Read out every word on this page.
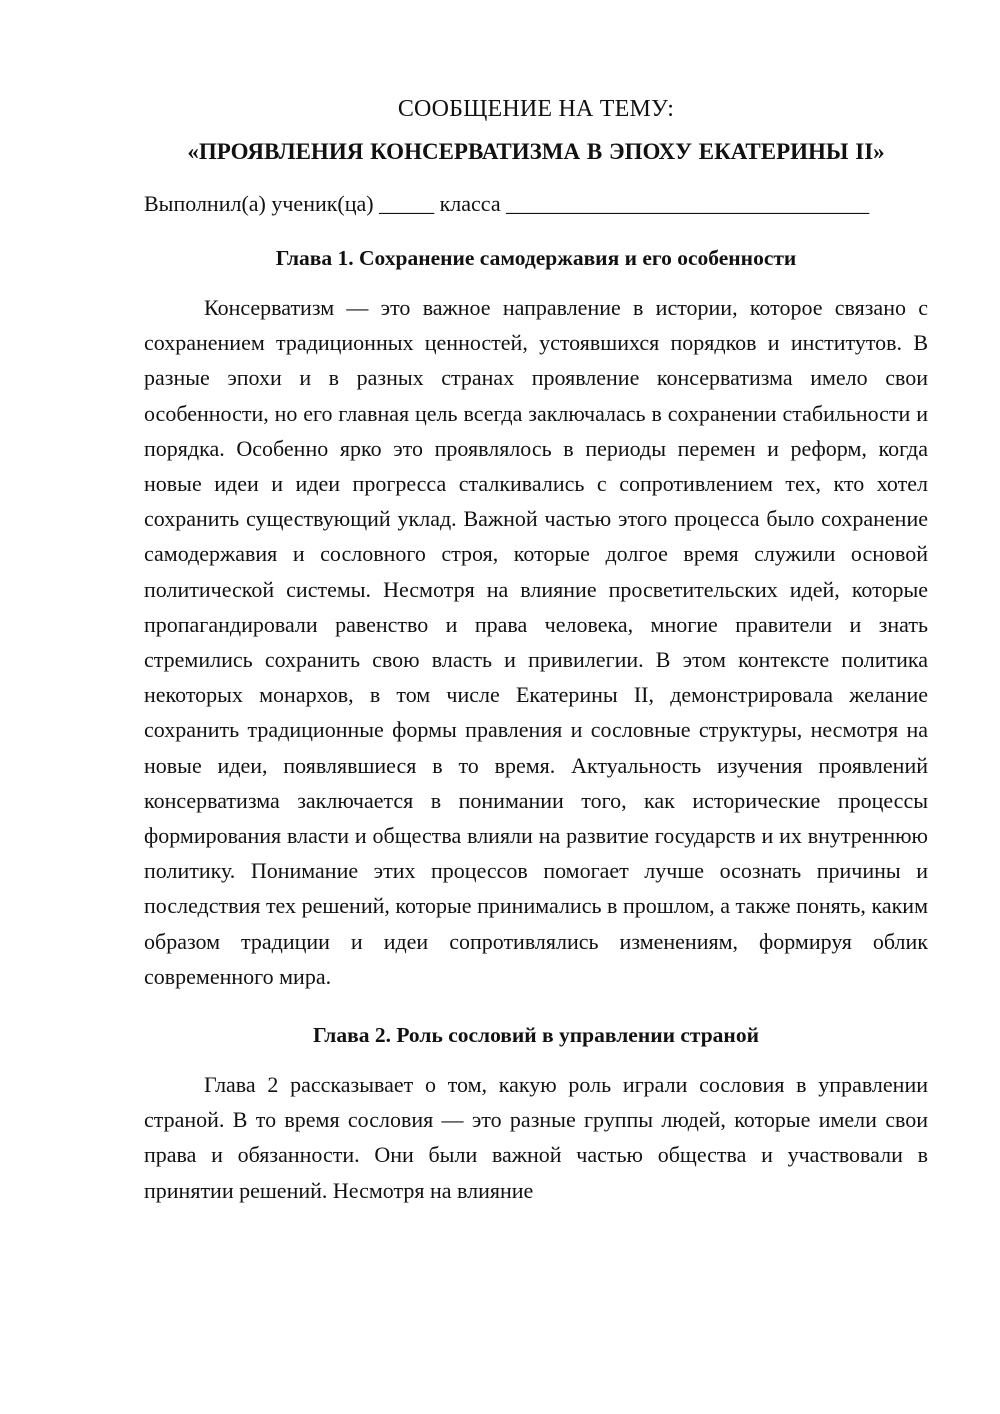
СООБЩЕНИЕ НА ТЕМУ:
«ПРОЯВЛЕНИЯ КОНСЕРВАТИЗМА В ЭПОХУ ЕКАТЕРИНЫ II»

Выполнил(а) ученик(ца) _____ класса _________________________________

Глава 1. Сохранение самодержавия и его особенности

Консерватизм — это важное направление в истории, которое связано с сохранением традиционных ценностей, устоявшихся порядков и институтов. В разные эпохи и в разных странах проявление консерватизма имело свои особенности, но его главная цель всегда заключалась в сохранении стабильности и порядка. Особенно ярко это проявлялось в периоды перемен и реформ, когда новые идеи и идеи прогресса сталкивались с сопротивлением тех, кто хотел сохранить существующий уклад. Важной частью этого процесса было сохранение самодержавия и сословного строя, которые долгое время служили основой политической системы. Несмотря на влияние просветительских идей, которые пропагандировали равенство и права человека, многие правители и знать стремились сохранить свою власть и привилегии. В этом контексте политика некоторых монархов, в том числе Екатерины II, демонстрировала желание сохранить традиционные формы правления и сословные структуры, несмотря на новые идеи, появлявшиеся в то время. Актуальность изучения проявлений консерватизма заключается в понимании того, как исторические процессы формирования власти и общества влияли на развитие государств и их внутреннюю политику. Понимание этих процессов помогает лучше осознать причины и последствия тех решений, которые принимались в прошлом, а также понять, каким образом традиции и идеи сопротивлялись изменениям, формируя облик современного мира.

Глава 2. Роль сословий в управлении страной

Глава 2 рассказывает о том, какую роль играли сословия в управлении страной. В то время сословия — это разные группы людей, которые имели свои права и обязанности. Они были важной частью общества и участвовали в принятии решений. Несмотря на влияние
